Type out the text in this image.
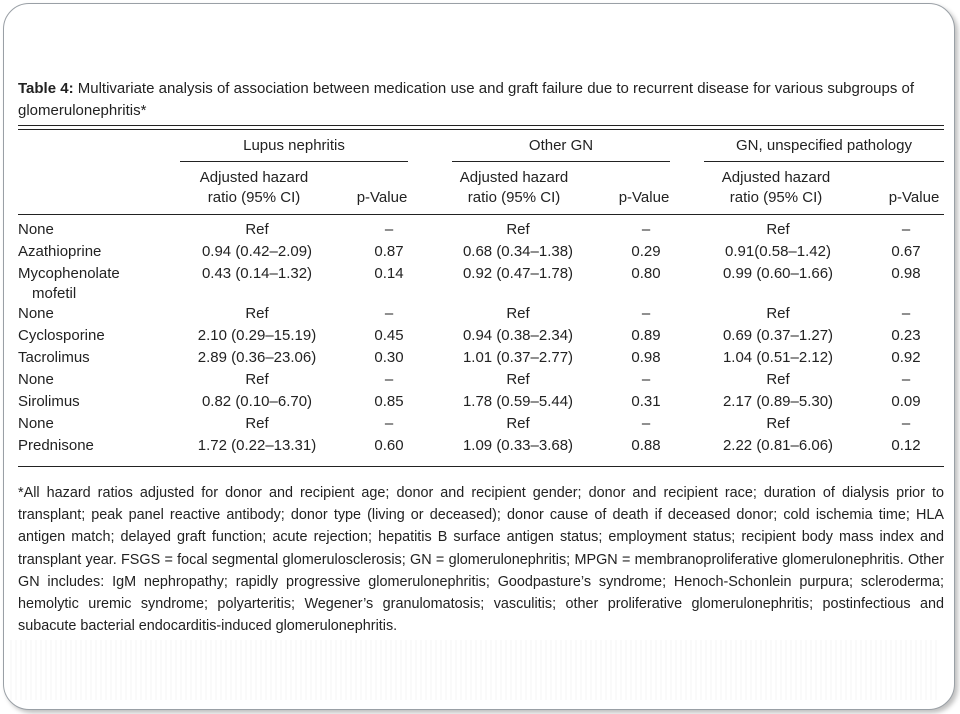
Table 4: Multivariate analysis of association between medication use and graft failure due to recurrent disease for various subgroups of glomerulonephritis*
Lupus nephritis	Other GN	GN, unspecified pathology
Adjusted hazard
ratio (95% CI)	p-Value
Adjusted hazard
ratio (95% CI)	p-Value
Adjusted hazard
ratio (95% CI)	p-Value
None	Ref	–	Ref	–	Ref	–

Azathioprine	0.94 (0.42–2.09)	0.87	0.68 (0.34–1.38)	0.29	0.91(0.58–1.42)	0.67

Mycophenolate
mofetil	0.43 (0.14–1.32)	0.14	0.92 (0.47–1.78)	0.80	0.99 (0.60–1.66)	0.98

None	Ref	–	Ref	–	Ref	–

Cyclosporine	2.10 (0.29–15.19)	0.45	0.94 (0.38–2.34)	0.89	0.69 (0.37–1.27)	0.23

Tacrolimus	2.89 (0.36–23.06)	0.30	1.01 (0.37–2.77)	0.98	1.04 (0.51–2.12)	0.92

None	Ref	–	Ref	–	Ref	–

Sirolimus	0.82 (0.10–6.70)	0.85	1.78 (0.59–5.44)	0.31	2.17 (0.89–5.30)	0.09

None	Ref	–	Ref	–	Ref	–

Prednisone	1.72 (0.22–13.31)	0.60	1.09 (0.33–3.68)	0.88	2.22 (0.81–6.06)	0.12
*All hazard ratios adjusted for donor and recipient age; donor and recipient gender; donor and recipient race; duration of dialysis prior to transplant; peak panel reactive antibody; donor type (living or deceased); donor cause of death if deceased donor; cold ischemia time; HLA antigen match; delayed graft function; acute rejection; hepatitis B surface antigen status; employment status; recipient body mass index and transplant year. FSGS = focal segmental glomerulosclerosis; GN = glomerulonephritis; MPGN = membranoproliferative glomerulonephritis. Other GN includes: IgM nephropathy; rapidly progressive glomerulonephritis; Goodpasture’s syndrome; Henoch-Schonlein purpura; scleroderma; hemolytic uremic syndrome; polyarteritis; Wegener’s granulomatosis; vasculitis; other proliferative glomerulonephritis; postinfectious and subacute bacterial endocarditis-induced glomerulonephritis.
